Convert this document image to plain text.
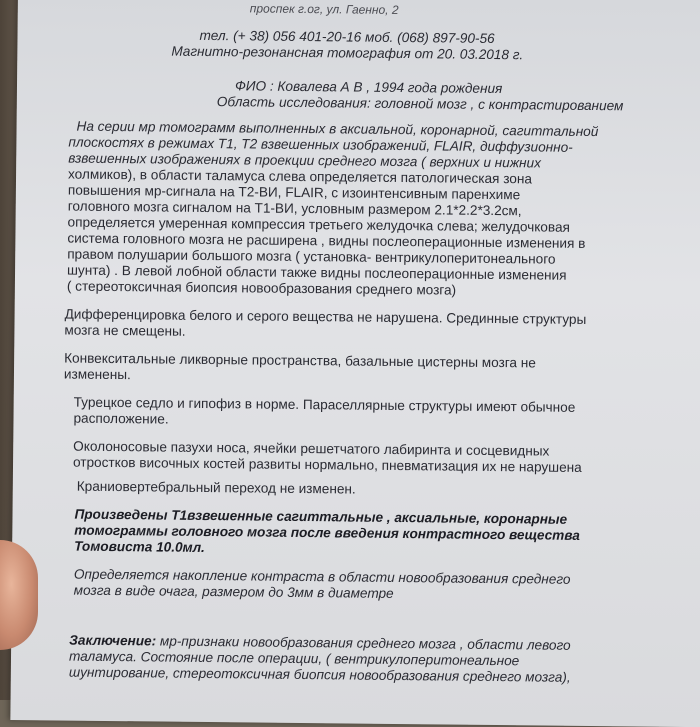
проcпек г.ог, ул. Гаеннo, 2
тел. (+ 38) 056 401-20-16 моб. (068) 897-90-56
Магнитно-резонансная томография от 20. 03.2018 г.
ФИО : Ковалева А В , 1994 года рождения
Область исследования: головной мозг , с контрастированием
На серии мр томограмм выполненных в аксиальной, коронарной, сагиттальной
плоскостях в режимах Т1, Т2 взвешенных изображений, FLAIR, диффузионно-
взвешенных изображениях в проекции среднего мозга ( верхних и нижних
холмиков), в области таламуса слева определяется патологическая зона
повышения мр-сигнала на Т2-ВИ, FLAIR, с изоинтенсивным паренхиме
головного мозга сигналом на Т1-ВИ, условным размером 2.1*2.2*3.2см,
определяется умеренная компрессия третьего желудочка слева; желудочковая
система головного мозга не расширена , видны послеоперационные изменения в
правом полушарии большого мозга ( установка- вентрикулоперитонеального
шунта) . В левой лобной области также видны послеоперационные изменения
( стереотоксичная биопсия новообразования среднего мозга)
Дифференцировка белого и серого вещества не нарушена. Срединные структуры
мозга не смещены.
Конвекситальные ликворные пространства, базальные цистерны мозга не
изменены.
Турецкое седло и гипофиз в норме. Параселлярные структуры имеют обычное
расположение.
Околоносовые пазухи носа, ячейки решетчатого лабиринта и сосцевидных
отростков височных костей развиты нормально, пневматизация их не нарушена
Краниовертебральный переход не изменен.
Произведены Т1взвешенные сагиттальные , аксиальные, коронарные
томограммы головного мозга после введения контрастного вещества
Томовиста 10.0мл.
Определяется накопление контраста в области новообразования среднего
мозга в виде очага, размером до 3мм в диаметре
Заключение: мр-признаки новообразования среднего мозга , области левого
таламуса. Состояние после операции, ( вентрикулоперитонеальное
шунтирование, стереотоксичная биопсия новообразования среднего мозга),
